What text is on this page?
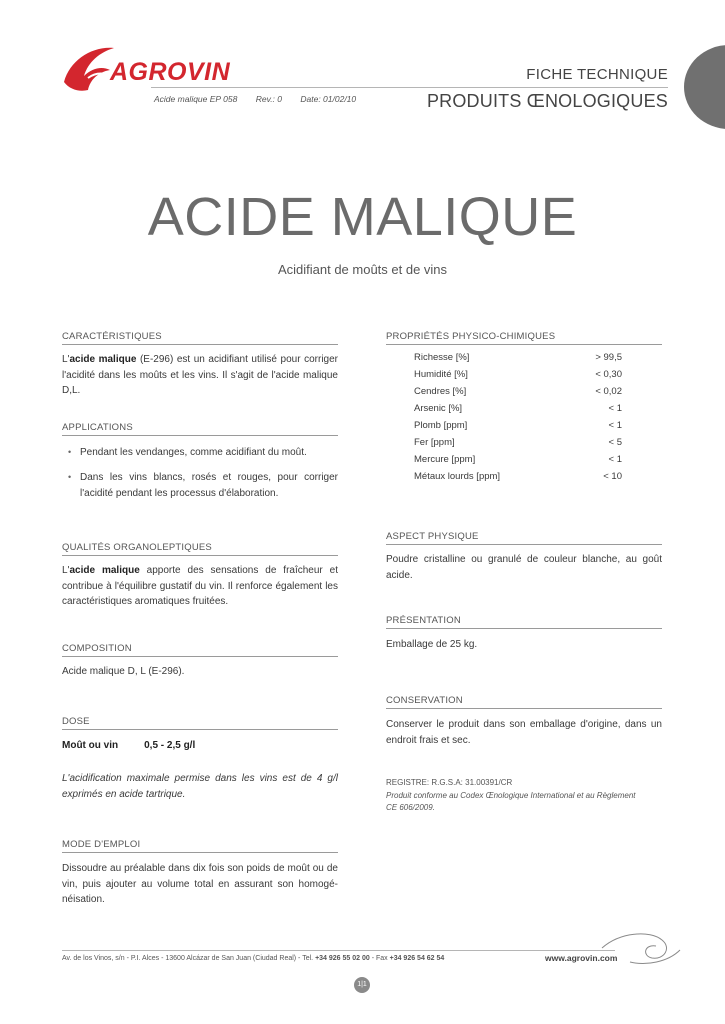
AGROVIN
Acide malique EP 058 Rev.: 0 Date: 01/02/10
FICHE TECHNIQUE
PRODUITS ŒNOLOGIQUES
ACIDE MALIQUE
Acidifiant de moûts et de vins
CARACTÉRISTIQUES
L'acide malique (E-296) est un acidifiant utilisé pour corriger l'acidité dans les moûts et les vins. Il s'agit de l'acide malique D,L.
APPLICATIONS
• Pendant les vendanges, comme acidifiant du moût.
• Dans les vins blancs, rosés et rouges, pour corriger l'acidité pendant les processus d'élaboration.
QUALITÉS ORGANOLEPTIQUES
L'acide malique apporte des sensations de fraîcheur et contribue à l'équilibre gustatif du vin. Il renforce également les caractéristiques aromatiques fruitées.
COMPOSITION
Acide malique D, L (E-296).
DOSE
Moût ou vin	0,5 - 2,5 g/l
L'acidification maximale permise dans les vins est de 4 g/l exprimés en acide tartrique.
MODE D'EMPLOI
Dissoudre au préalable dans dix fois son poids de moût ou de vin, puis ajouter au volume total en assurant son homogé-néisation.
PROPRIÉTÉS PHYSICO-CHIMIQUES
Richesse [%]	> 99,5
Humidité [%]	< 0,30
Cendres [%]	< 0,02
Arsenic [%]	< 1
Plomb [ppm]	< 1
Fer [ppm]	< 5
Mercure [ppm]	< 1
Métaux lourds [ppm]	< 10
ASPECT PHYSIQUE
Poudre cristalline ou granulé de couleur blanche, au goût acide.
PRÉSENTATION
Emballage de 25 kg.
CONSERVATION
Conserver le produit dans son emballage d'origine, dans un endroit frais et sec.
REGISTRE: R.G.S.A: 31.00391/CR
Produit conforme au Codex Œnologique International et au Règlement CE 606/2009.
Av. de los Vinos, s/n - P.I. Alces - 13600 Alcázar de San Juan (Ciudad Real) - Tel. +34 926 55 02 00 - Fax +34 926 54 62 54	www.agrovin.com
1|1
